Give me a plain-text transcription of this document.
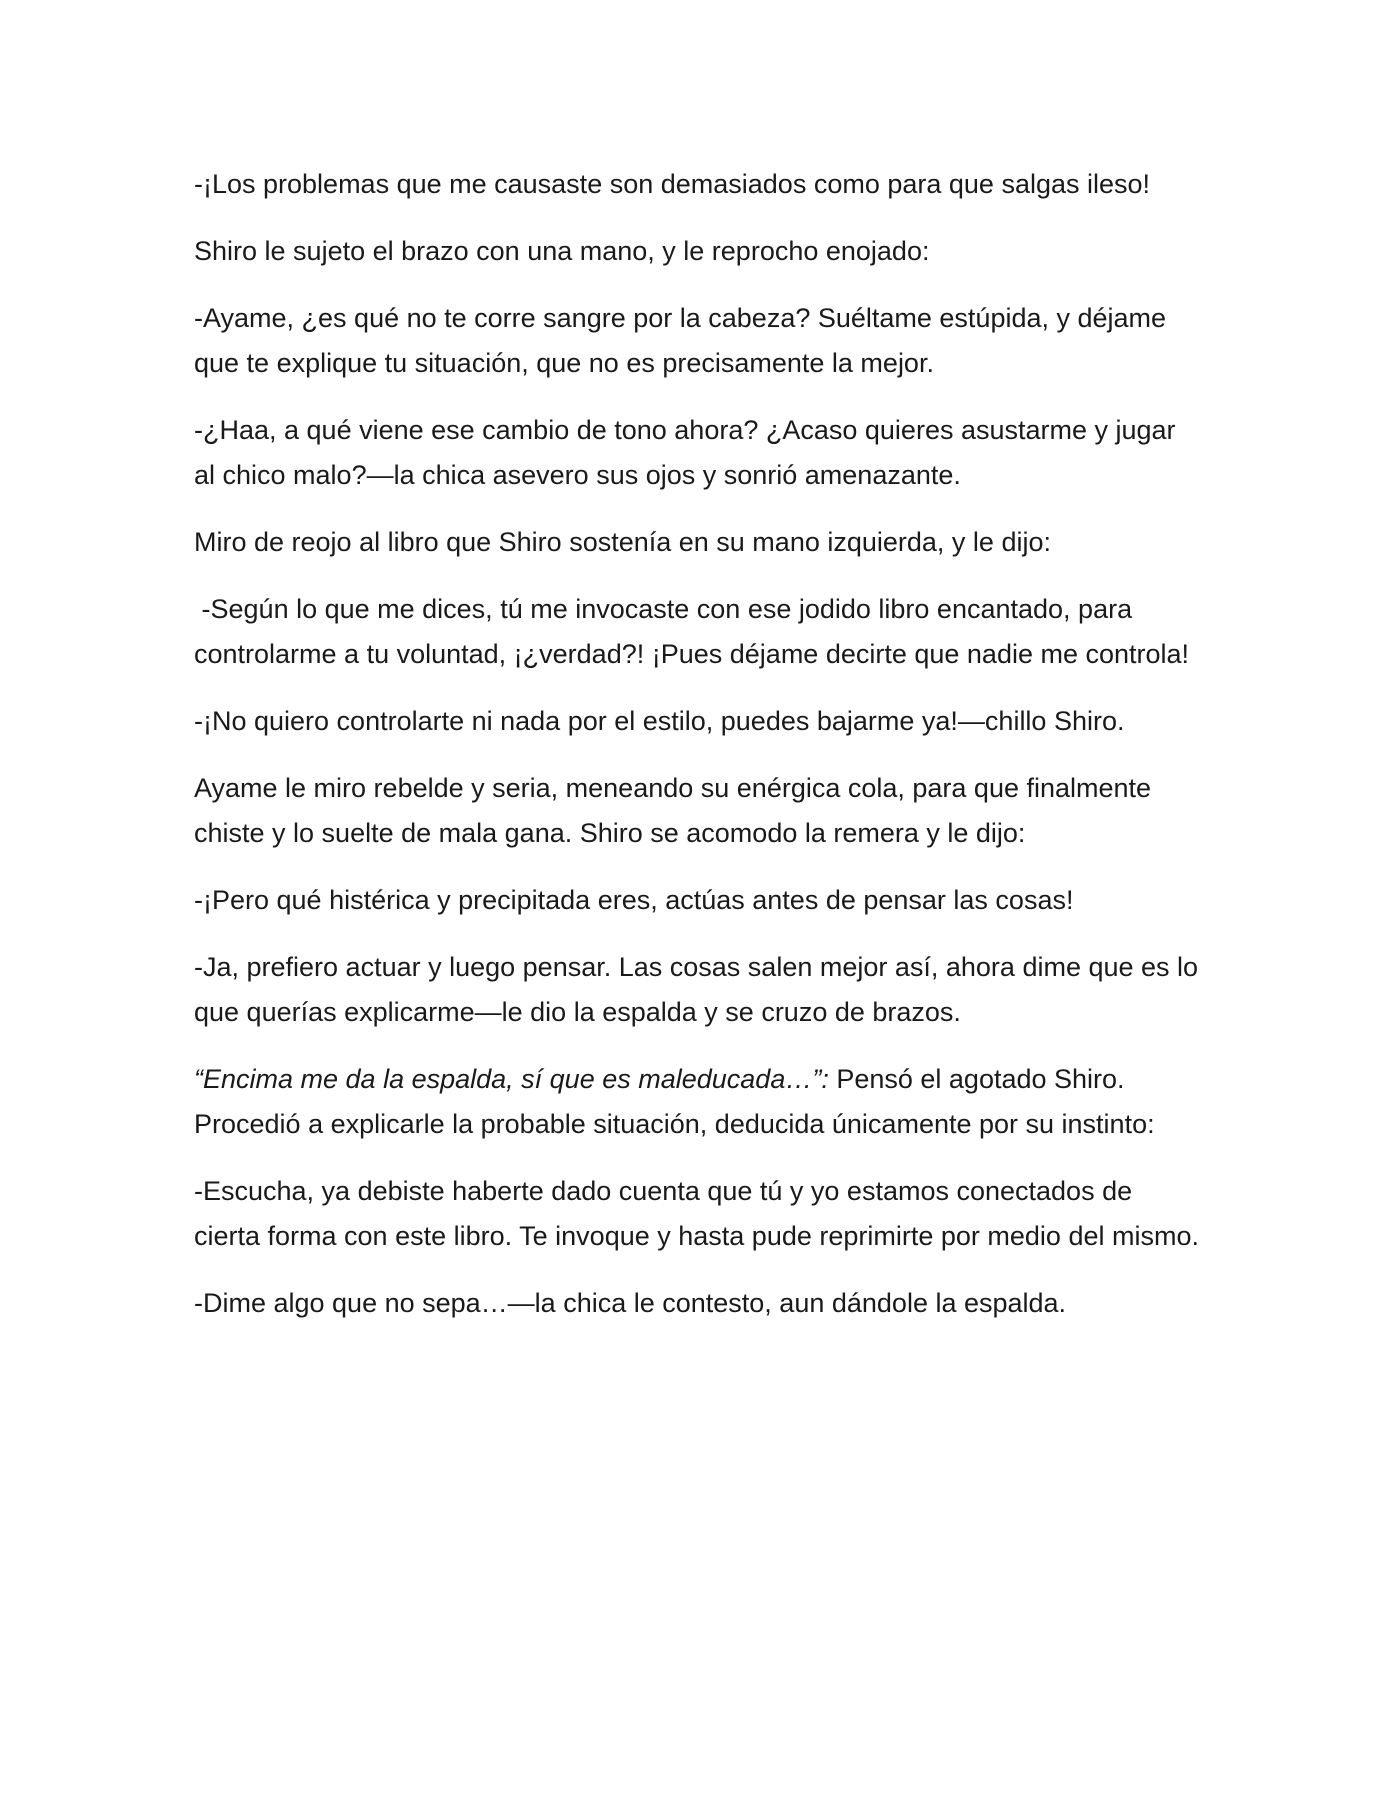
-¡Los problemas que me causaste son demasiados como para que salgas ileso!

Shiro le sujeto el brazo con una mano, y le reprocho enojado:

-Ayame, ¿es qué no te corre sangre por la cabeza? Suéltame estúpida, y déjame que te explique tu situación, que no es precisamente la mejor.

-¿Haa, a qué viene ese cambio de tono ahora? ¿Acaso quieres asustarme y jugar al chico malo?—la chica asevero sus ojos y sonrió amenazante.

Miro de reojo al libro que Shiro sostenía en su mano izquierda, y le dijo:

-Según lo que me dices, tú me invocaste con ese jodido libro encantado, para controlarme a tu voluntad, ¡¿verdad?! ¡Pues déjame decirte que nadie me controla!

-¡No quiero controlarte ni nada por el estilo, puedes bajarme ya!—chillo Shiro.

Ayame le miro rebelde y seria, meneando su enérgica cola, para que finalmente chiste y lo suelte de mala gana. Shiro se acomodo la remera y le dijo:

-¡Pero qué histérica y precipitada eres, actúas antes de pensar las cosas!

-Ja, prefiero actuar y luego pensar. Las cosas salen mejor así, ahora dime que es lo que querías explicarme—le dio la espalda y se cruzo de brazos.

“Encima me da la espalda, sí que es maleducada…”: Pensó el agotado Shiro. Procedió a explicarle la probable situación, deducida únicamente por su instinto:

-Escucha, ya debiste haberte dado cuenta que tú y yo estamos conectados de cierta forma con este libro. Te invoque y hasta pude reprimirte por medio del mismo.

-Dime algo que no sepa…—la chica le contesto, aun dándole la espalda.
